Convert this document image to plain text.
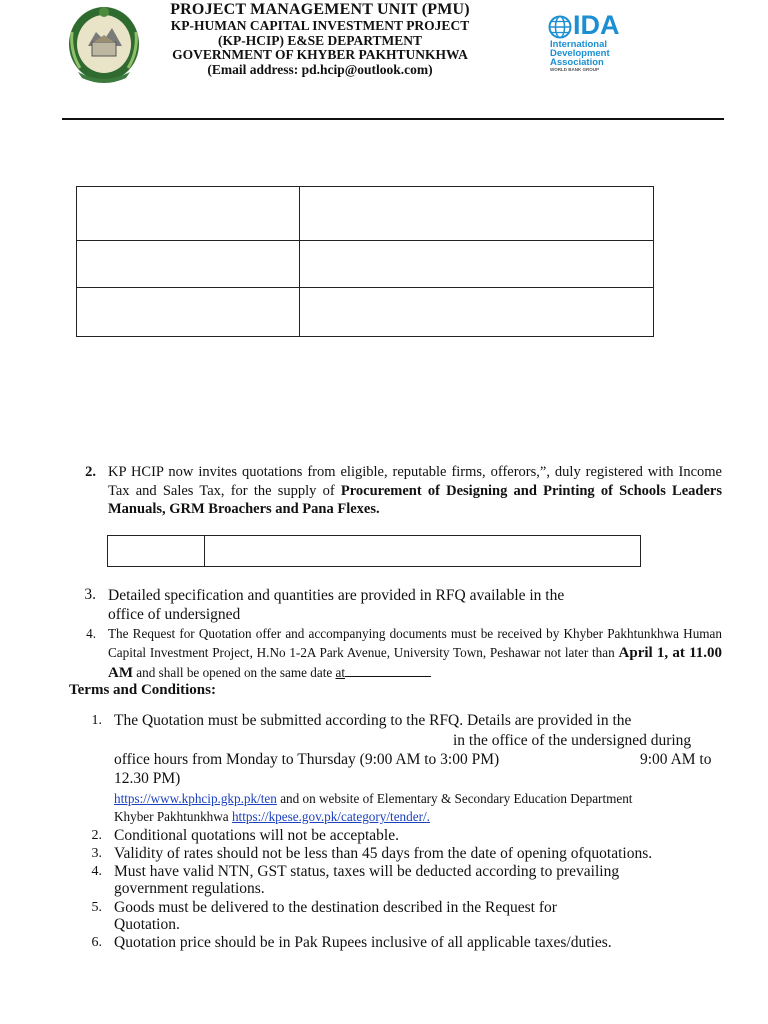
PROJECT MANAGEMENT UNIT (PMU)
KP-HUMAN CAPITAL INVESTMENT PROJECT
(KP-HCIP) E&SE DEPARTMENT
GOVERNMENT OF KHYBER PAKHTUNKHWA
(Email address: pd.hcip@outlook.com)
IDA
International
Development
Association
WORLD BANK GROUP

2. KP HCIP now invites quotations from eligible, reputable firms, offerors,”, duly registered with Income Tax and Sales Tax, for the supply of Procurement of Designing and Printing of Schools Leaders Manuals, GRM Broachers and Pana Flexes.

3. Detailed specification and quantities are provided in RFQ available in the
office of undersigned
4. The Request for Quotation offer and accompanying documents must be received by Khyber Pakhtunkhwa Human Capital Investment Project, H.No 1-2A Park Avenue, University Town, Peshawar not later than April 1, at 11.00 AM and shall be opened on the same date at
Terms and Conditions:
1. The Quotation must be submitted according to the RFQ. Details are provided in the
in the office of the undersigned during
office hours from Monday to Thursday (9:00 AM to 3:00 PM)	9:00 AM to
12.30 PM)
https://www.kphcip.gkp.pk/ten and on website of Elementary & Secondary Education Department
Khyber Pakhtunkhwa https://kpese.gov.pk/category/tender/.
2. Conditional quotations will not be acceptable.
3. Validity of rates should not be less than 45 days from the date of opening ofquotations.
4. Must have valid NTN, GST status, taxes will be deducted according to prevailing
government regulations.
5. Goods must be delivered to the destination described in the Request for
Quotation.
6. Quotation price should be in Pak Rupees inclusive of all applicable taxes/duties.
